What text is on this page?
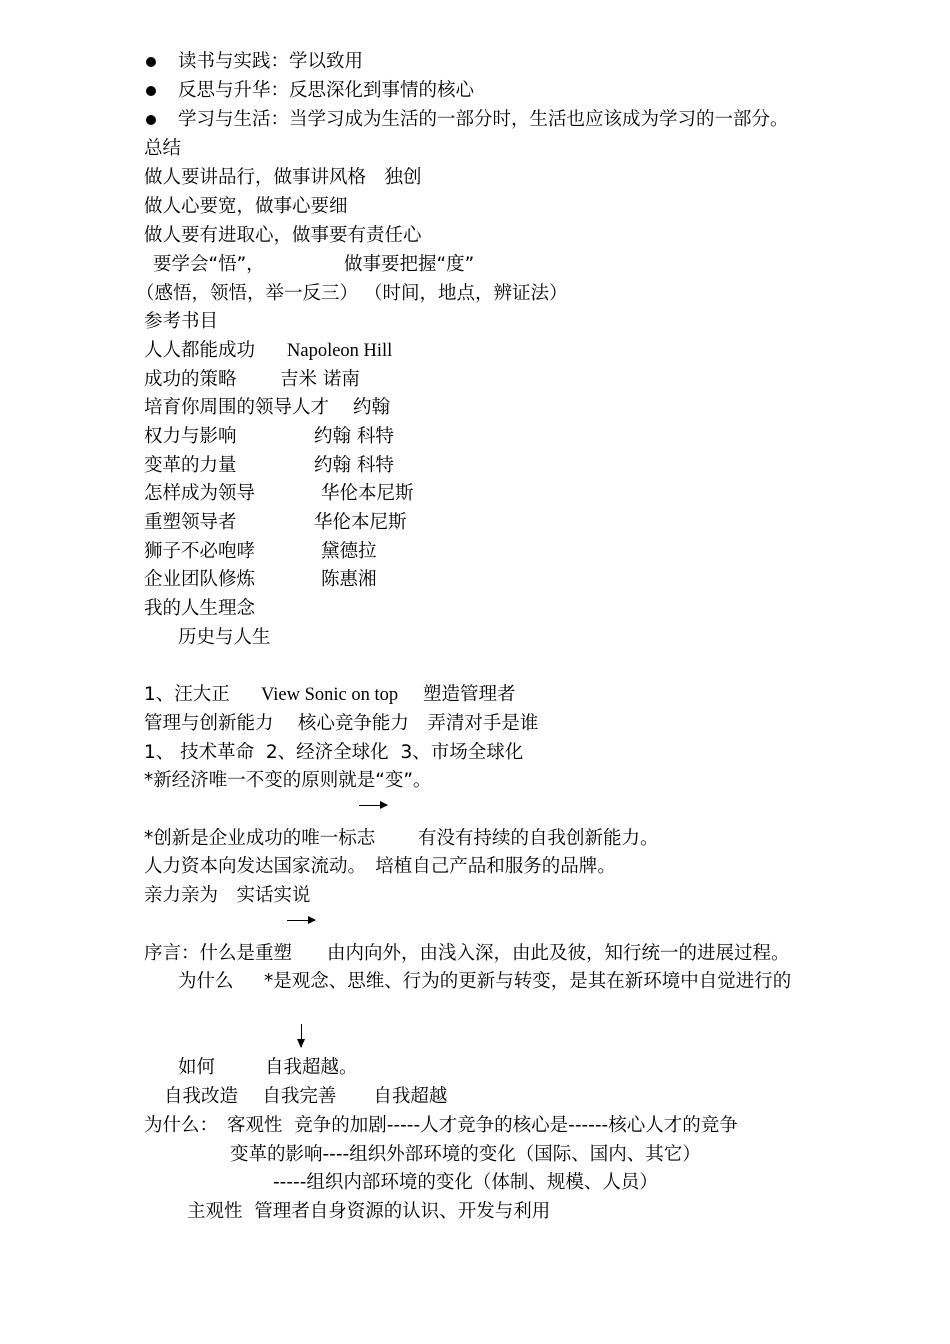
读书与实践：学以致用
反思与升华：反思深化到事情的核心
学习与生活：当学习成为生活的一部分时，生活也应该成为学习的一部分。
总结
做人要讲品行，做事讲风格　独创
做人心要宽，做事心要细
做人要有进取心，做事要有责任心
要学会“悟”，	做事要把握“度”
（感悟，领悟，举一反三） （时间，地点，辨证法）
参考书目
人人都能成功 Napoleon Hill
成功的策略 吉米 诺南
培育你周围的领导人才 约翰
权力与影响	约翰 科特
变革的力量	约翰 科特
怎样成为领导	华伦本尼斯
重塑领导者	华伦本尼斯
狮子不必咆哮	黛德拉
企业团队修炼	陈惠湘
我的人生理念
历史与人生
1、汪大正 View Sonic on top 塑造管理者
管理与创新能力　 核心竞争能力　弄清对手是谁
1、 技术革命  2、经济全球化  3、市场全球化
*新经济唯一不变的原则就是“变”。
*创新是企业成功的唯一标志 有没有持续的自我创新能力。
人力资本向发达国家流动。　培植自己产品和服务的品牌。
亲力亲为　实话实说
序言：什么是重塑 由内向外，由浅入深，由此及彼，知行统一的进展过程。
为什么 *是观念、思维、行为的更新与转变，是其在新环境中自觉进行的
如何	自我超越。
自我改造　 自我完善　　自我超越
为什么： 客观性  竞争的加剧-----人才竞争的核心是------核心人才的竞争
变革的影响----组织外部环境的变化（国际、国内、其它）
-----组织内部环境的变化（体制、规模、人员）
主观性  管理者自身资源的认识、开发与利用
